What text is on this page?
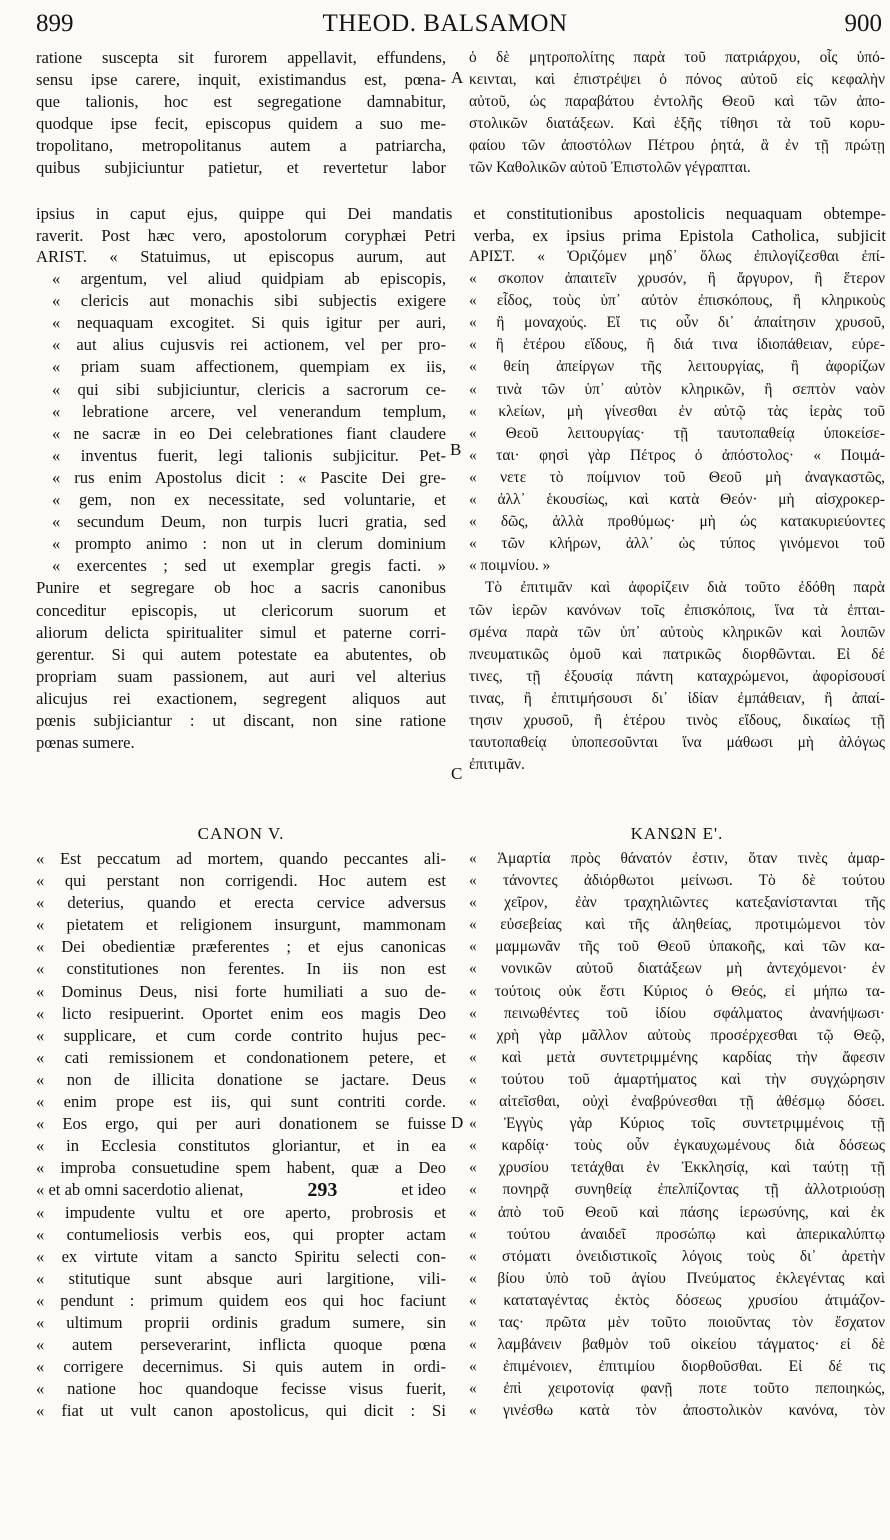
899	THEOD. BALSAMON	900
ratione suscepta sit furorem appellavit, effundens,
sensu ipse carere, inquit, existimandus est, pœna-
que talionis, hoc est segregatione damnabitur,
quodque ipse fecit, episcopus quidem a suo me-
tropolitano, metropolitanus autem a patriarcha,
quibus subjiciuntur patietur, et revertetur labor
A
ὁ δὲ μητροπολίτης παρὰ τοῦ πατριάρχου, οἷς ὑπό-
κεινται, καὶ ἐπιστρέψει ὁ πόνος αὐτοῦ εἰς κεφαλὴν
αὐτοῦ, ὡς παραβάτου ἐντολῆς Θεοῦ καὶ τῶν ἀπο-
στολικῶν διατάξεων. Καὶ ἑξῆς τίθησι τὰ τοῦ κορυ-
φαίου τῶν ἀποστόλων Πέτρου ῥητά, ἃ ἐν τῇ πρώτῃ
τῶν Καθολικῶν αὐτοῦ Ἐπιστολῶν γέγραπται.
ipsius in caput ejus, quippe qui Dei mandatis et constitutionibus apostolicis nequaquam obtempe-
raverit. Post hæc vero, apostolorum coryphæi Petri verba, ex ipsius prima Epistola Catholica, subjicit
ARIST. « Statuimus, ut episcopus aurum, aut
« argentum, vel aliud quidpiam ab episcopis,
« clericis aut monachis sibi subjectis exigere
« nequaquam excogitet. Si quis igitur per auri,
« aut alius cujusvis rei actionem, vel per pro-
« priam suam affectionem, quempiam ex iis,
« qui sibi subjiciuntur, clericis a sacrorum ce-
« lebratione arcere, vel venerandum templum,
« ne sacræ in eo Dei celebrationes fiant claudere
« inventus fuerit, legi talionis subjicitur. Pet-
« rus enim Apostolus dicit : « Pascite Dei gre-
« gem, non ex necessitate, sed voluntarie, et
« secundum Deum, non turpis lucri gratia, sed
« prompto animo : non ut in clerum dominium
« exercentes ; sed ut exemplar gregis facti. »
Punire et segregare ob hoc a sacris canonibus
conceditur episcopis, ut clericorum suorum et
aliorum delicta spiritualiter simul et paterne corri-
gerentur. Si qui autem potestate ea abutentes, ob
propriam suam passionem, aut auri vel alterius
alicujus rei exactionem, segregent aliquos aut
pœnis subjiciantur : ut discant, non sine ratione
pœnas sumere.
B
C
ΑΡΙΣΤ. « Ὁριζόμεν μηδ᾽ ὅλως ἐπιλογίζεσθαι ἐπί-
« σκοπον ἀπαιτεῖν χρυσόν, ἢ ἄργυρον, ἢ ἕτερον
« εἶδος, τοὺς ὑπ᾽ αὐτὸν ἐπισκόπους, ἢ κληρικοὺς
« ἢ μοναχούς. Εἴ τις οὖν δι᾽ ἀπαίτησιν χρυσοῦ,
« ἢ ἑτέρου εἴδους, ἢ διά τινα ἰδιοπάθειαν, εὑρε-
« θείη ἀπείργων τῆς λειτουργίας, ἢ ἀφορίζων
« τινὰ τῶν ὑπ᾽ αὐτὸν κληρικῶν, ἢ σεπτὸν ναὸν
« κλείων, μὴ γίνεσθαι ἐν αὐτῷ τὰς ἱερὰς τοῦ
« Θεοῦ λειτουργίας· τῇ ταυτοπαθείᾳ ὑποκείσε-
« ται· φησὶ γὰρ Πέτρος ὁ ἀπόστολος· « Ποιμά-
« νετε τὸ ποίμνιον τοῦ Θεοῦ μὴ ἀναγκαστῶς,
« ἀλλ᾽ ἑκουσίως, καὶ κατὰ Θεόν· μὴ αἰσχροκερ-
« δῶς, ἀλλὰ προθύμως· μὴ ὡς κατακυριεύοντες
« τῶν κλήρων, ἀλλ᾽ ὡς τύπος γινόμενοι τοῦ
« ποιμνίου. »
Τὸ ἐπιτιμᾶν καὶ ἀφορίζειν διὰ τοῦτο ἐδόθη παρὰ
τῶν ἱερῶν κανόνων τοῖς ἐπισκόποις, ἵνα τὰ ἐπται-
σμένα παρὰ τῶν ὑπ᾽ αὐτοὺς κληρικῶν καὶ λοιπῶν
πνευματικῶς ὁμοῦ καὶ πατρικῶς διορθῶνται. Εἰ δέ
τινες, τῇ ἐξουσίᾳ πάντη καταχρώμενοι, ἀφορίσουσί
τινας, ἢ ἐπιτιμήσουσι δι᾽ ἰδίαν ἐμπάθειαν, ἢ ἀπαί-
τησιν χρυσοῦ, ἢ ἑτέρου τινὸς εἴδους, δικαίως τῇ
ταυτοπαθείᾳ ὑποπεσοῦνται ἵνα μάθωσι μὴ ἀλόγως
ἐπιτιμᾶν.
CANON V.	ΚΑΝΩΝ Ε'.
« Est peccatum ad mortem, quando peccantes ali-
« qui perstant non corrigendi. Hoc autem est
« deterius, quando et erecta cervice adversus
« pietatem et religionem insurgunt, mammonam
« Dei obedientiæ præferentes ; et ejus canonicas
« constitutiones non ferentes. In iis non est
« Dominus Deus, nisi forte humiliati a suo de-
« licto resipuerint. Oportet enim eos magis Deo
« supplicare, et cum corde contrito hujus pec-
« cati remissionem et condonationem petere, et
« non de illicita donatione se jactare. Deus
« enim prope est iis, qui sunt contriti corde.
« Eos ergo, qui per auri donationem se fuisse
« in Ecclesia constitutos gloriantur, et in ea
« improba consuetudine spem habent, quæ a Deo
« et ab omni sacerdotio alienat,	293	et ideo
« impudente vultu et ore aperto, probrosis et
« contumeliosis verbis eos, qui propter actam
« ex virtute vitam a sancto Spiritu selecti con-
« stitutique sunt absque auri largitione, vili-
« pendunt : primum quidem eos qui hoc faciunt
« ultimum proprii ordinis gradum sumere, sin
« autem perseverarint, inflicta quoque pœna
« corrigere decernimus. Si quis autem in ordi-
« natione hoc quandoque fecisse visus fuerit,
« fiat ut vult canon apostolicus, qui dicit : Si
D
« Ἁμαρτία πρὸς θάνατόν ἐστιν, ὅταν τινὲς ἁμαρ-
« τάνοντες ἀδιόρθωτοι μείνωσι. Τὸ δὲ τούτου
« χεῖρον, ἐὰν τραχηλιῶντες κατεξανίστανται τῆς
« εὐσεβείας καὶ τῆς ἀληθείας, προτιμώμενοι τὸν
« μαμμωνᾶν τῆς τοῦ Θεοῦ ὑπακοῆς, καὶ τῶν κα-
« νονικῶν αὐτοῦ διατάξεων μὴ ἀντεχόμενοι· ἐν
« τούτοις οὐκ ἔστι Κύριος ὁ Θεός, εἰ μήπω τα-
« πεινωθέντες τοῦ ἰδίου σφάλματος ἀνανήψωσι·
« χρὴ γὰρ μᾶλλον αὐτοὺς προσέρχεσθαι τῷ Θεῷ,
« καὶ μετὰ συντετριμμένης καρδίας τὴν ἄφεσιν
« τούτου τοῦ ἁμαρτήματος καὶ τὴν συγχώρησιν
« αἰτεῖσθαι, οὐχὶ ἐναβρύνεσθαι τῇ ἀθέσμῳ δόσει.
« Ἐγγὺς γὰρ Κύριος τοῖς συντετριμμένοις τῇ
« καρδίᾳ· τοὺς οὖν ἐγκαυχωμένους διὰ δόσεως
« χρυσίου τετάχθαι ἐν Ἐκκλησίᾳ, καὶ ταύτῃ τῇ
« πονηρᾷ συνηθείᾳ ἐπελπίζοντας τῇ ἀλλοτριούσῃ
« ἀπὸ τοῦ Θεοῦ καὶ πάσης ἱερωσύνης, καὶ ἐκ
« τούτου ἀναιδεῖ προσώπῳ καὶ ἀπερικαλύπτῳ
« στόματι ὀνειδιστικοῖς λόγοις τοὺς δι᾽ ἀρετὴν
« βίου ὑπὸ τοῦ ἁγίου Πνεύματος ἐκλεγέντας καὶ
« καταταγέντας ἐκτὸς δόσεως χρυσίου ἀτιμάζον-
« τας· πρῶτα μὲν τοῦτο ποιοῦντας τὸν ἔσχατον
« λαμβάνειν βαθμὸν τοῦ οἰκείου τάγματος· εἰ δὲ
« ἐπιμένοιεν, ἐπιτιμίου διορθοῦσθαι. Εἰ δέ τις
« ἐπὶ χειροτονίᾳ φανῇ ποτε τοῦτο πεποιηκώς,
« γινέσθω κατὰ τὸν ἀποστολικὸν κανόνα, τὸν
